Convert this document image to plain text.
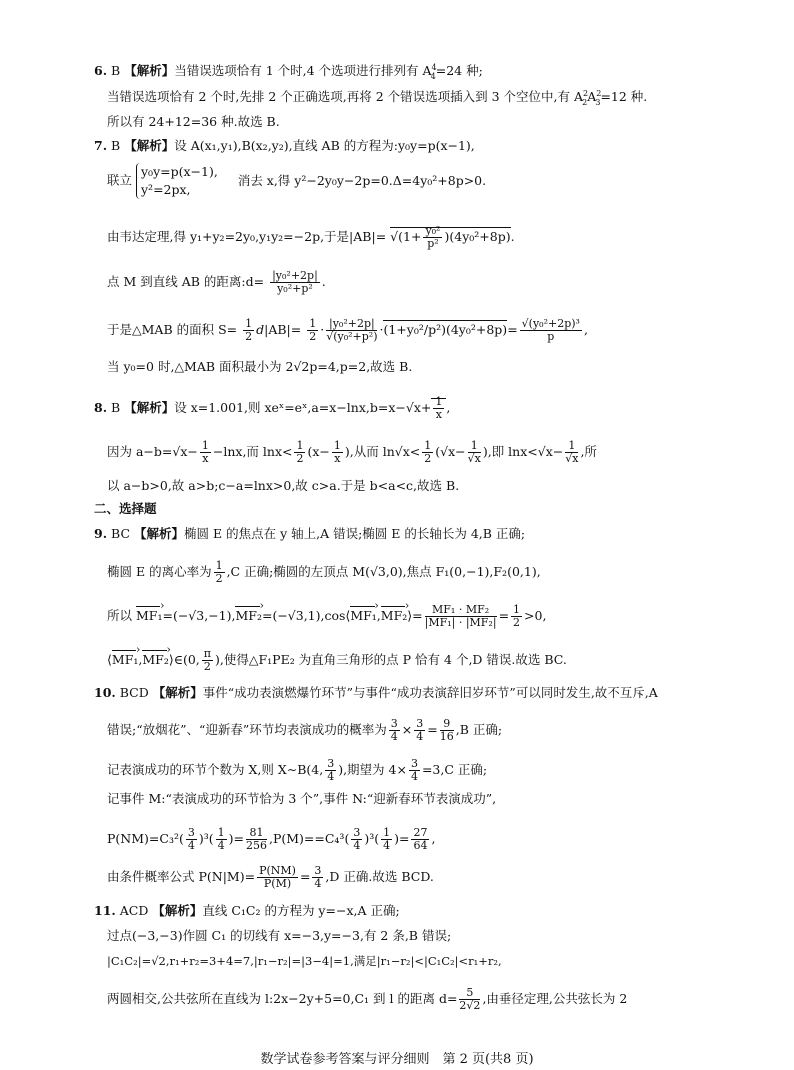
6. B 【解析】当错误选项恰有 1 个时,4 个选项进行排列有 $A^4_4=24$ 种;
当错误选项恰有 2 个时,先排 2 个正确选项,再将 2 个错误选项插入到 3 个空位中,有 $A^2_2A^2_3=12$ 种.
所以有 24+12=36 种.故选 B.
7. B 【解析】设 A(x₁,y₁),B(x₂,y₂),直线 AB 的方程为:y₀y=p(x−1),
联立 y₀y=p(x−1),
y²=2px, 消去 x,得 y²−2y₀y−2p=0.Δ=4y₀²+8p>0.
由韦达定理,得 y₁+y₂=2y₀,y₁y₂=−2p,于是$|AB|= √(1+ \frac{\text{y₀²}}{\text{p²}} )(4y_0^2+8p)$.
点 M 到直线 AB 的距离:d= $\frac{\text{|y₀²+2p|}}{\text{y₀²+p²}}$ .
于是△MAB 的面积 $S= \frac{1}{2} d|AB|= \frac{1}{2} \cdot \frac{\text{|y₀²+2p|}}{\text{√(y₀²+p²)}} \cdot(1+y_0^2/p^2)(4y_0^2+8p)= \frac{\text{√(y₀²+2p)³}}{p}$ ,
当 y₀=0 时,△MAB 面积最小为 2√2p=4,p=2,故选 B.
8. B 【解析】设 x=1.001,则 xeˣ=eˣ,a=x−lnx,b=x−√x+ $\frac{1}{x}$ ,
因为 $a-b=√x- \frac{1}{x} -\ln x$,而 $\ln x< \frac{1}{2} (x- \frac{1}{x}$ ),从而 $\ln√x< \frac{1}{2} (√x- \frac{1}{√x}$ ),即 $\ln x<√x- \frac{1}{√x}$ ,所
以 a−b>0,故 a>b;c−a=lnx>0,故 c>a.于是 b<a<c,故选 B.
二、选择题
9. BC 【解析】椭圆 E 的焦点在 y 轴上,A 错误;椭圆 E 的长轴长为 4,B 正确;
椭圆 E 的离心率为 $\frac{1}{2} ,C$ 正确;椭圆的左顶点 M(√3,0),焦点 F₁(0,−1),F₂(0,1),
所以 MF₁ ›=(−√3,−1),MF₂ ›=(−√3,1),cos⟨MF₁ ›,MF₂ ›⟩= $\frac{\text{MF₁ · MF₂}}{\text{|MF₁| · |MF₂|}} = \frac{1}{2} >0$,
⟨MF₁ ›,MF₂ ›⟩∈(0, $\frac{\pi}{2}$ ),使得△F₁PE₂ 为直角三角形的点 P 恰有 4 个,D 错误.故选 BC.
10. BCD 【解析】事件“成功表演燃爆竹环节”与事件“成功表演辞旧岁环节”可以同时发生,故不互斥,A
错误;“放烟花”、“迎新春”环节均表演成功的概率为 $\frac{3}{4} \times \frac{3}{4} = \frac{9}{16} ,B$ 正确;
记表演成功的环节个数为 X,则 X∼B(4, $\frac{3}{4}$ ),期望为 $4\times \frac{3}{4} =3,C$ 正确;
记事件 M:“表演成功的环节恰为 3 个”,事件 N:“迎新春环节表演成功”,
$P(NM)=C_3^2( \frac{3}{4} )^3( \frac{1}{4}$ )= $\frac{81}{256} ,P(M)==C_4^3( \frac{3}{4} )^3( \frac{1}{4}$ )= $\frac{27}{64}$ ,
由条件概率公式 $P(N|M)= \frac{P(NM)}{P(M)} = \frac{3}{4} ,D$ 正确.故选 BCD.
11. ACD 【解析】直线 C₁C₂ 的方程为 y=−x,A 正确;
过点(−3,−3)作圆 C₁ 的切线有 x=−3,y=−3,有 2 条,B 错误;
|C₁C₂|=√2,r₁+r₂=3+4=7,|r₁−r₂|=|3−4|=1,满足|r₁−r₂|<|C₁C₂|<r₁+r₂,
两圆相交,公共弦所在直线为 l:2x−2y+5=0,C₁ 到 l 的距离 $d= \frac{5}{2√2}$ ,由垂径定理,公共弦长为 2
数学试卷参考答案与评分细则　第 2 页(共8 页)
